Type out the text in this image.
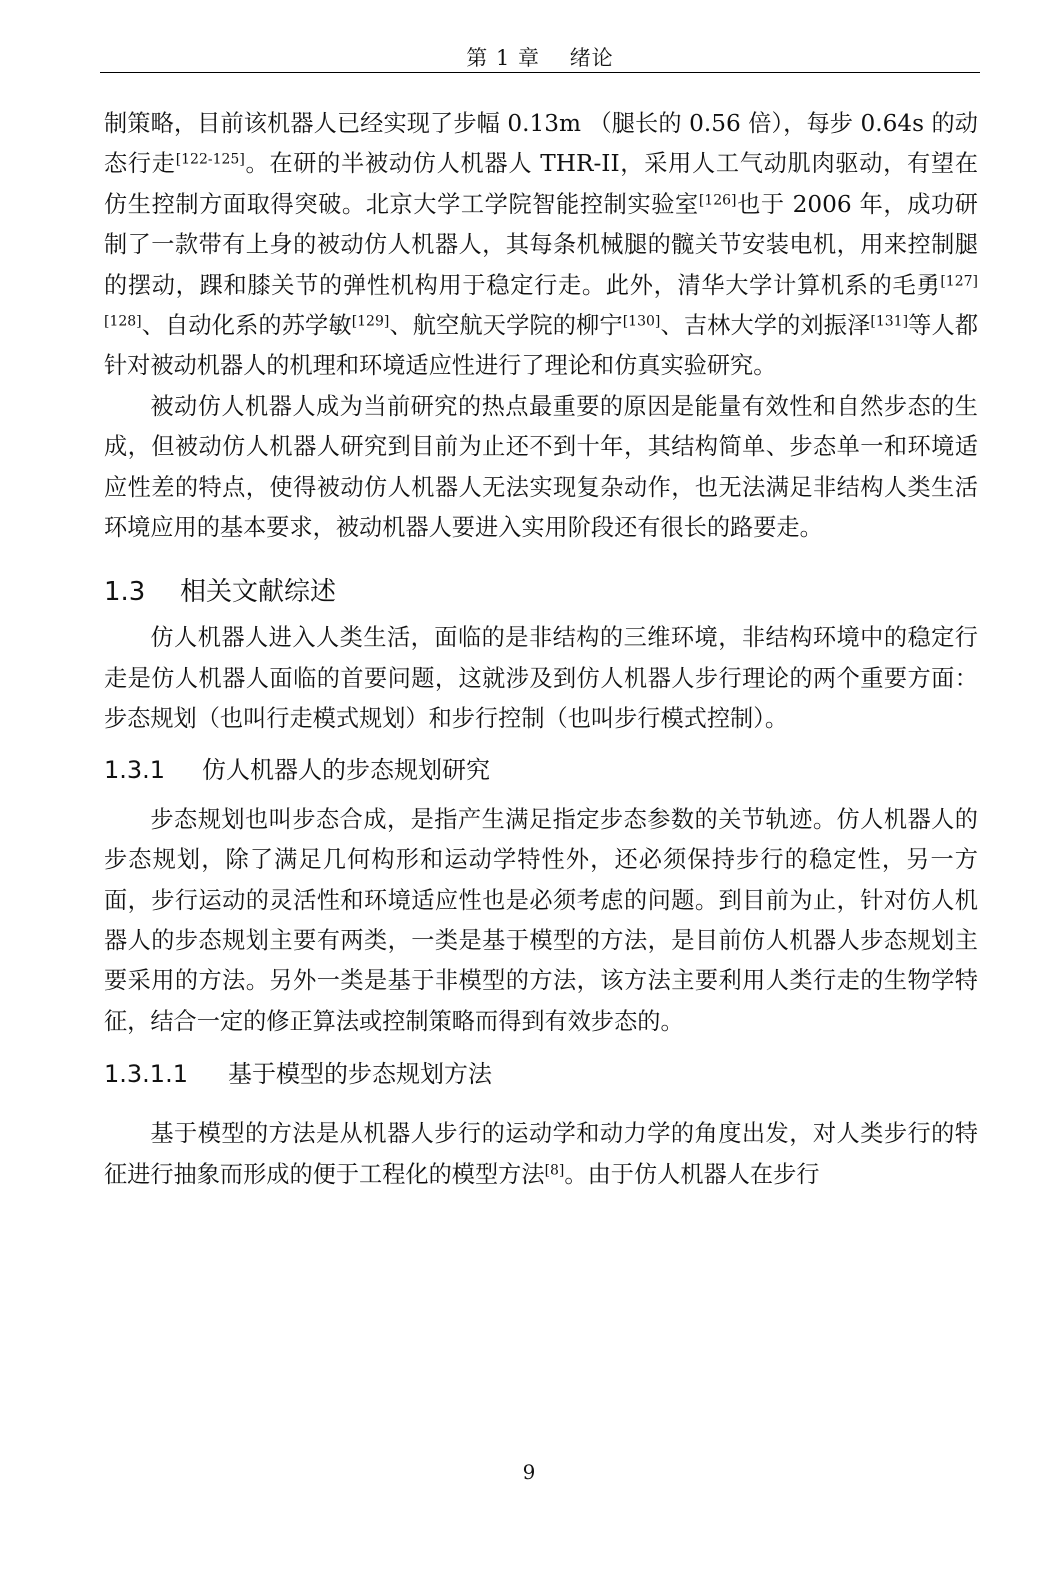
第 1 章　 绪论

制策略，目前该机器人已经实现了步幅 0.13m （腿长的 0.56 倍），每步 0.64s 的动态行走[122-125]。在研的半被动仿人机器人 THR-II，采用人工气动肌肉驱动，有望在仿生控制方面取得突破。北京大学工学院智能控制实验室[126]也于 2006 年，成功研制了一款带有上身的被动仿人机器人，其每条机械腿的髋关节安装电机，用来控制腿的摆动，踝和膝关节的弹性机构用于稳定行走。此外，清华大学计算机系的毛勇[127][128]、自动化系的苏学敏[129]、航空航天学院的柳宁[130]、吉林大学的刘振泽[131]等人都针对被动机器人的机理和环境适应性进行了理论和仿真实验研究。

被动仿人机器人成为当前研究的热点最重要的原因是能量有效性和自然步态的生成，但被动仿人机器人研究到目前为止还不到十年，其结构简单、步态单一和环境适应性差的特点，使得被动仿人机器人无法实现复杂动作，也无法满足非结构人类生活环境应用的基本要求，被动机器人要进入实用阶段还有很长的路要走。

1.3 相关文献综述

仿人机器人进入人类生活，面临的是非结构的三维环境，非结构环境中的稳定行走是仿人机器人面临的首要问题，这就涉及到仿人机器人步行理论的两个重要方面：步态规划（也叫行走模式规划）和步行控制（也叫步行模式控制）。

1.3.1 仿人机器人的步态规划研究

步态规划也叫步态合成，是指产生满足指定步态参数的关节轨迹。仿人机器人的步态规划，除了满足几何构形和运动学特性外，还必须保持步行的稳定性，另一方面，步行运动的灵活性和环境适应性也是必须考虑的问题。到目前为止，针对仿人机器人的步态规划主要有两类，一类是基于模型的方法，是目前仿人机器人步态规划主要采用的方法。另外一类是基于非模型的方法，该方法主要利用人类行走的生物学特征，结合一定的修正算法或控制策略而得到有效步态的。

1.3.1.1 基于模型的步态规划方法

基于模型的方法是从机器人步行的运动学和动力学的角度出发，对人类步行的特征进行抽象而形成的便于工程化的模型方法[8]。由于仿人机器人在步行

9
